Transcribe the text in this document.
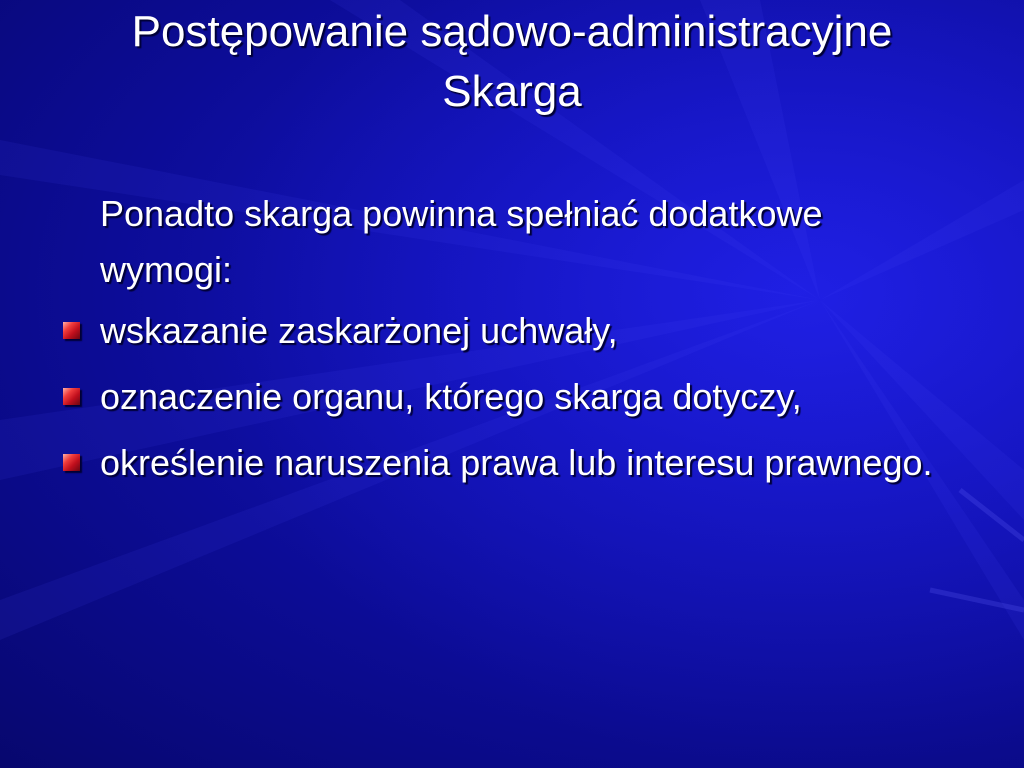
Postępowanie sądowo-administracyjne
Skarga
Ponadto skarga powinna spełniać dodatkowe wymogi:
wskazanie zaskarżonej uchwały,
oznaczenie organu, którego skarga dotyczy,
określenie naruszenia prawa lub interesu prawnego.
